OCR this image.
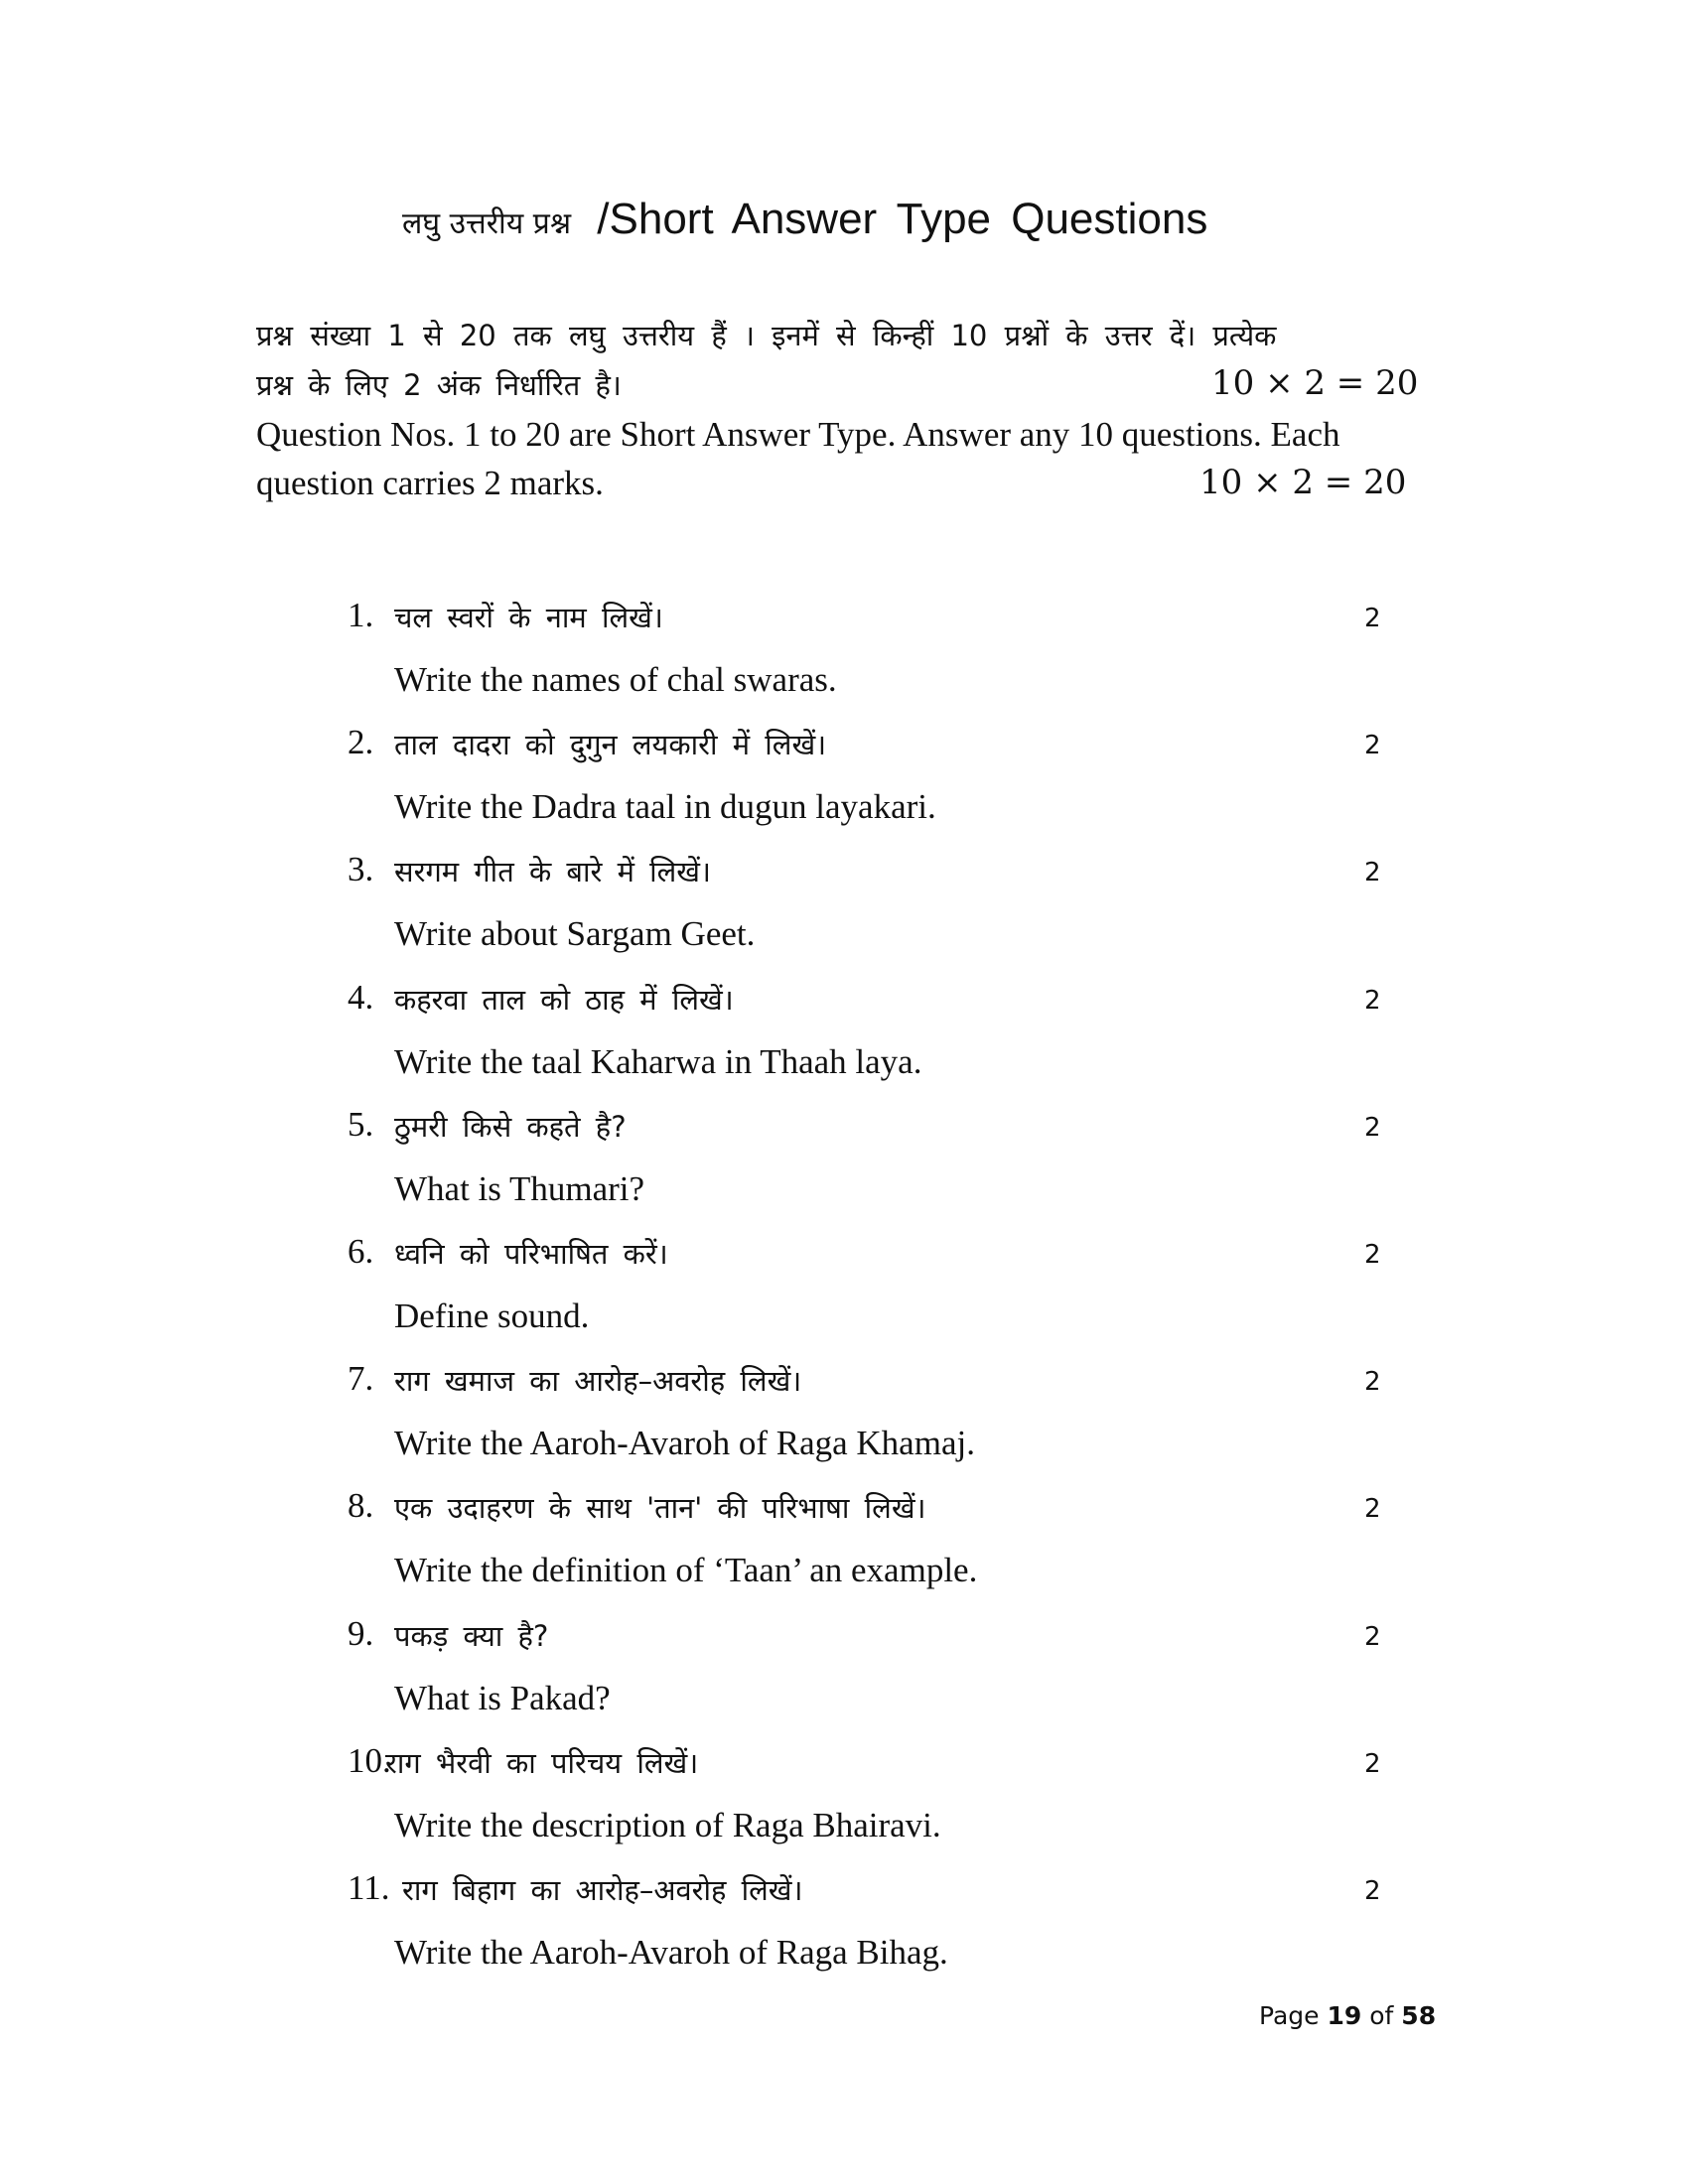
लघु उत्तरीय प्रश्न /Short Answer Type Questions
प्रश्न संख्या 1 से 20 तक लघु उत्तरीय हैं । इनमें से किन्हीं 10 प्रश्नों के उत्तर दें। प्रत्येक
प्रश्न के लिए 2 अंक निर्धारित है।	10 × 2 = 20
Question Nos. 1 to 20 are Short Answer Type. Answer any 10 questions. Each
question carries 2 marks.	10 × 2 = 20
1. चल स्वरों के नाम लिखें।	2
Write the names of chal swaras.
2. ताल दादरा को दुगुन लयकारी में लिखें।	2
Write the Dadra taal in dugun layakari.
3. सरगम गीत के बारे में लिखें।	2
Write about Sargam Geet.
4. कहरवा ताल को ठाह में लिखें।	2
Write the taal Kaharwa in Thaah laya.
5. ठुमरी किसे कहते है?	2
What is Thumari?
6. ध्वनि को परिभाषित करें।	2
Define sound.
7. राग खमाज का आरोह–अवरोह लिखें।	2
Write the Aaroh-Avaroh of Raga Khamaj.
8. एक उदाहरण के साथ 'तान' की परिभाषा लिखें।	2
Write the definition of ‘Taan’ an example.
9. पकड़ क्या है?	2
What is Pakad?
10.
राग भैरवी का परिचय लिखें।	2
Write the description of Raga Bhairavi.
11. राग बिहाग का आरोह–अवरोह लिखें।	2
Write the Aaroh-Avaroh of Raga Bihag.
Page 19 of 58
